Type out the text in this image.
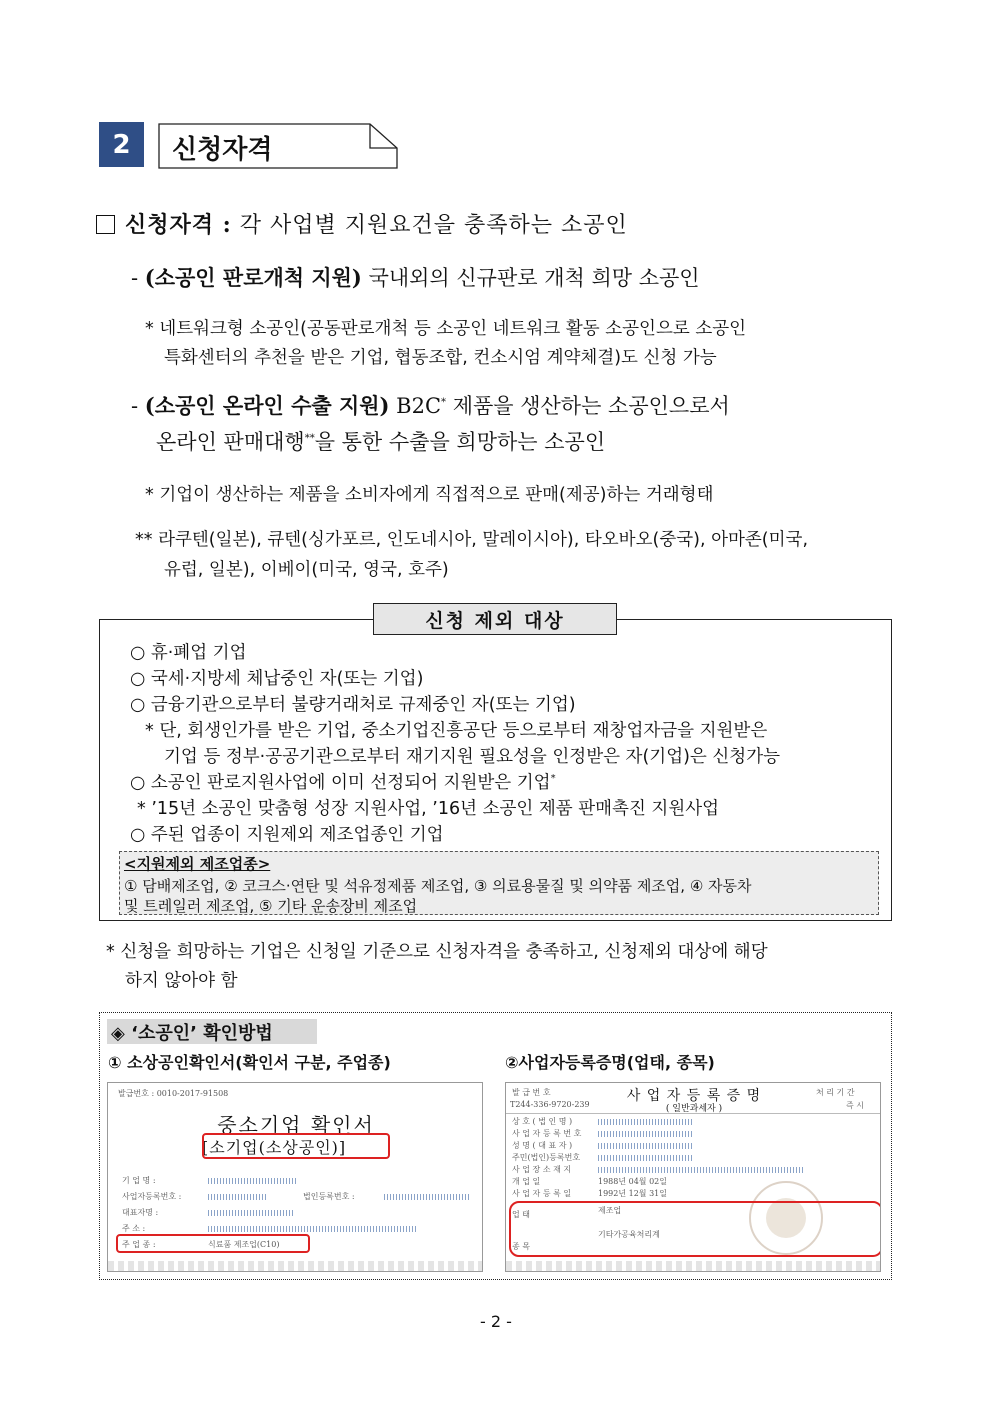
2	신청자격
신청자격 : 각 사업별 지원요건을 충족하는 소공인
- (소공인 판로개척 지원) 국내외의 신규판로 개척 희망 소공인
* 네트워크형 소공인(공동판로개척 등 소공인 네트워크 활동 소공인으로 소공인
특화센터의 추천을 받은 기업, 협동조합, 컨소시엄 계약체결)도 신청 가능
- (소공인 온라인 수출 지원) B2C* 제품을 생산하는 소공인으로서
온라인 판매대행**을 통한 수출을 희망하는 소공인
* 기업이 생산하는 제품을 소비자에게 직접적으로 판매(제공)하는 거래형태
** 라쿠텐(일본), 큐텐(싱가포르, 인도네시아, 말레이시아), 타오바오(중국), 아마존(미국,
유럽, 일본), 이베이(미국, 영국, 호주)
신청 제외 대상
○ 휴·폐업 기업
○ 국세·지방세 체납중인 자(또는 기업)
○ 금융기관으로부터 불량거래처로 규제중인 자(또는 기업)
* 단, 회생인가를 받은 기업, 중소기업진흥공단 등으로부터 재창업자금을 지원받은
기업 등 정부·공공기관으로부터 재기지원 필요성을 인정받은 자(기업)은 신청가능
○ 소공인 판로지원사업에 이미 선정되어 지원받은 기업*
* ’15년 소공인 맞춤형 성장 지원사업, ’16년 소공인 제품 판매촉진 지원사업
○ 주된 업종이 지원제외 제조업종인 기업
<지원제외 제조업종>
① 담배제조업, ② 코크스·연탄 및 석유정제품 제조업, ③ 의료용물질 및 의약품 제조업, ④ 자동차
및 트레일러 제조업, ⑤ 기타 운송장비 제조업
* 신청을 희망하는 기업은 신청일 기준으로 신청자격을 충족하고, 신청제외 대상에 해당
하지 않아야 함
◈ ‘소공인’ 확인방법
① 소상공인확인서(확인서 구분, 주업종)	②사업자등록증명(업태, 종목)
발급번호 : 0010-2017-91508
중소기업 확인서
[소기업(소상공인)]
기 업 명 :
사업자등록번호 :	법인등록번호 :
대표자명 :
주 소 :
주 업 종 :	식료품 제조업(C10)
발 급 번 호
T244-336-9720-239
사 업 자 등 록 증 명
( 일반과세자 )
처 리 기 간
즉 시
상 호 ( 법 인 명 )
사 업 자 등 록 번 호
성 명 ( 대 표 자 )
주민(법인)등록번호
사 업 장 소 재 지
개 업 일	1988년 04월 02일
사 업 자 등 록 일	1992년 12월 31일
업 태	제조업
종 목
기타가공육처리계
- 2 -
